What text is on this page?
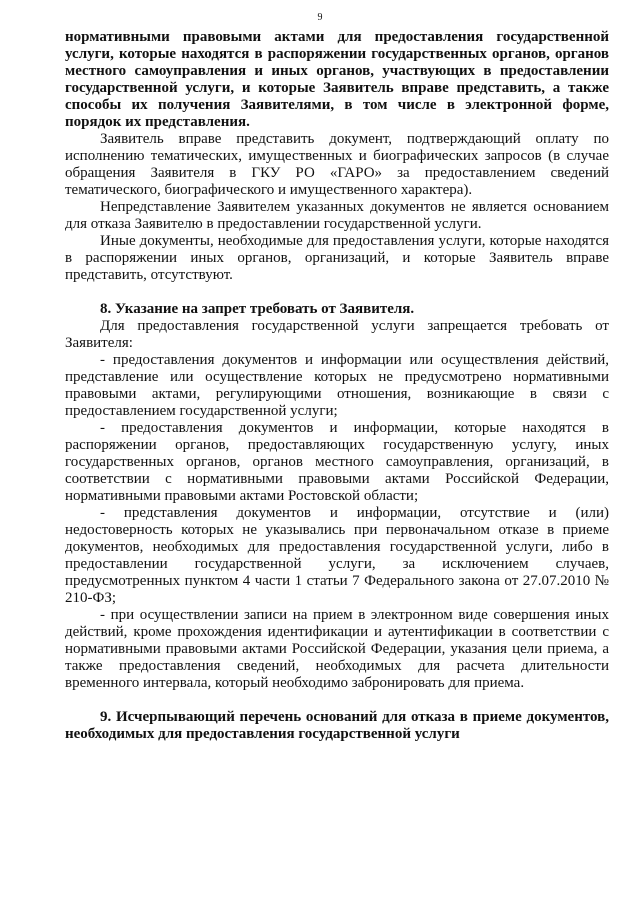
9

нормативными правовыми актами для предоставления государственной услуги, которые находятся в распоряжении государственных органов, органов местного самоуправления и иных органов, участвующих в предоставлении государственной услуги, и которые Заявитель вправе представить, а также способы их получения Заявителями, в том числе в электронной форме, порядок их представления.

Заявитель вправе представить документ, подтверждающий оплату по исполнению тематических, имущественных и биографических запросов (в случае обращения Заявителя в ГКУ РО «ГАРО» за предоставлением сведений тематического, биографического и имущественного характера).

Непредставление Заявителем указанных документов не является основанием для отказа Заявителю в предоставлении государственной услуги.

Иные документы, необходимые для предоставления услуги, которые находятся в распоряжении иных органов, организаций, и которые Заявитель вправе представить, отсутствуют.

8. Указание на запрет требовать от Заявителя.

Для предоставления государственной услуги запрещается требовать от Заявителя:

- предоставления документов и информации или осуществления действий, представление или осуществление которых не предусмотрено нормативными правовыми актами, регулирующими отношения, возникающие в связи с предоставлением государственной услуги;

- предоставления документов и информации, которые находятся в распоряжении органов, предоставляющих государственную услугу, иных государственных органов, органов местного самоуправления, организаций, в соответствии с нормативными правовыми актами Российской Федерации, нормативными правовыми актами Ростовской области;

- представления документов и информации, отсутствие и (или) недостоверность которых не указывались при первоначальном отказе в приеме документов, необходимых для предоставления государственной услуги, либо в предоставлении государственной услуги, за исключением случаев, предусмотренных пунктом 4 части 1 статьи 7 Федерального закона от 27.07.2010 № 210-ФЗ;

- при осуществлении записи на прием в электронном виде совершения иных действий, кроме прохождения идентификации и аутентификации в соответствии с нормативными правовыми актами Российской Федерации, указания цели приема, а также предоставления сведений, необходимых для расчета длительности временного интервала, который необходимо забронировать для приема.

9. Исчерпывающий перечень оснований для отказа в приеме документов, необходимых для предоставления государственной услуги
